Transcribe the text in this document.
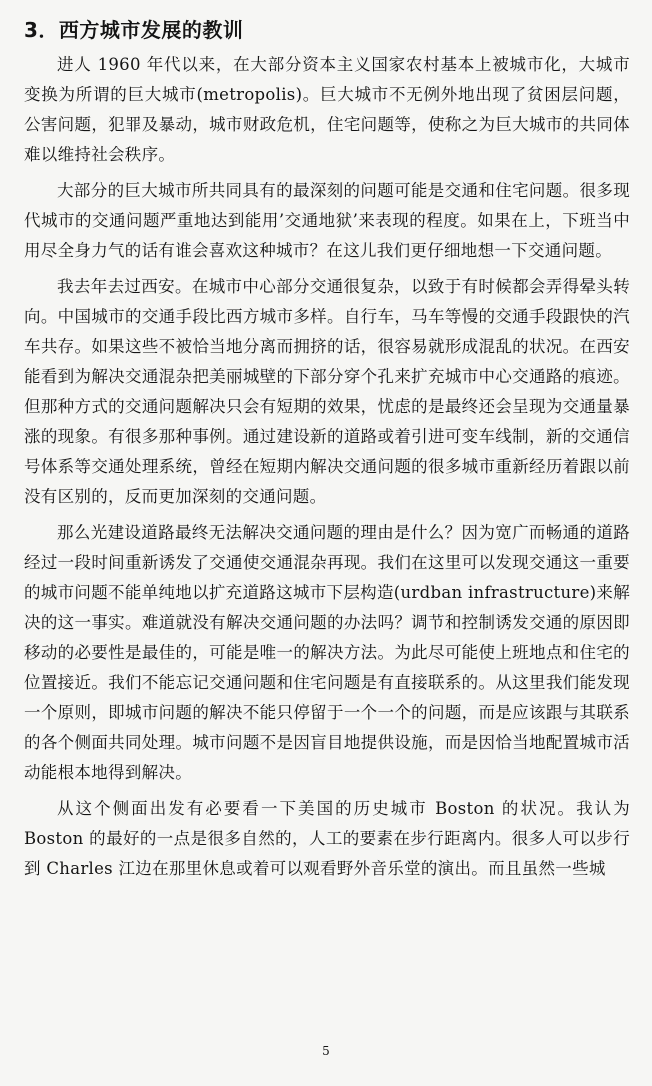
3．西方城市发展的教训

进人 1960 年代以来，在大部分资本主义国家农村基本上被城市化，大城市变换为所谓的巨大城市(metropolis)。巨大城市不无例外地出现了贫困层问题，公害问题，犯罪及暴动，城市财政危机，住宅问题等，使称之为巨大城市的共同体难以维持社会秩序。

大部分的巨大城市所共同具有的最深刻的问题可能是交通和住宅问题。很多现代城市的交通问题严重地达到能用’交通地狱’来表现的程度。如果在上，下班当中用尽全身力气的话有谁会喜欢这种城市？在这儿我们更仔细地想一下交通问题。

我去年去过西安。在城市中心部分交通很复杂，以致于有时候都会弄得晕头转向。中国城市的交通手段比西方城市多样。自行车，马车等慢的交通手段跟快的汽车共存。如果这些不被恰当地分离而拥挤的话，很容易就形成混乱的状况。在西安能看到为解决交通混杂把美丽城壁的下部分穿个孔来扩充城市中心交通路的痕迹。但那种方式的交通问题解决只会有短期的效果，忧虑的是最终还会呈现为交通量暴涨的现象。有很多那种事例。通过建设新的道路或着引进可变车线制，新的交通信号体系等交通处理系统，曾经在短期内解决交通问题的很多城市重新经历着跟以前没有区别的，反而更加深刻的交通问题。

那么光建设道路最终无法解决交通问题的理由是什么？因为宽广而畅通的道路经过一段时间重新诱发了交通使交通混杂再现。我们在这里可以发现交通这一重要的城市问题不能单纯地以扩充道路这城市下层构造(urdban infrastructure)来解决的这一事实。难道就没有解决交通问题的办法吗？调节和控制诱发交通的原因即移动的必要性是最佳的，可能是唯一的解决方法。为此尽可能使上班地点和住宅的位置接近。我们不能忘记交通问题和住宅问题是有直接联系的。从这里我们能发现一个原则，即城市问题的解决不能只停留于一个一个的问题，而是应该跟与其联系的各个侧面共同处理。城市问题不是因盲目地提供设施，而是因恰当地配置城市活动能根本地得到解决。

从这个侧面出发有必要看一下美国的历史城市 Boston 的状况。我认为 Boston 的最好的一点是很多自然的，人工的要素在步行距离内。很多人可以步行到 Charles 江边在那里休息或着可以观看野外音乐堂的演出。而且虽然一些城

5
